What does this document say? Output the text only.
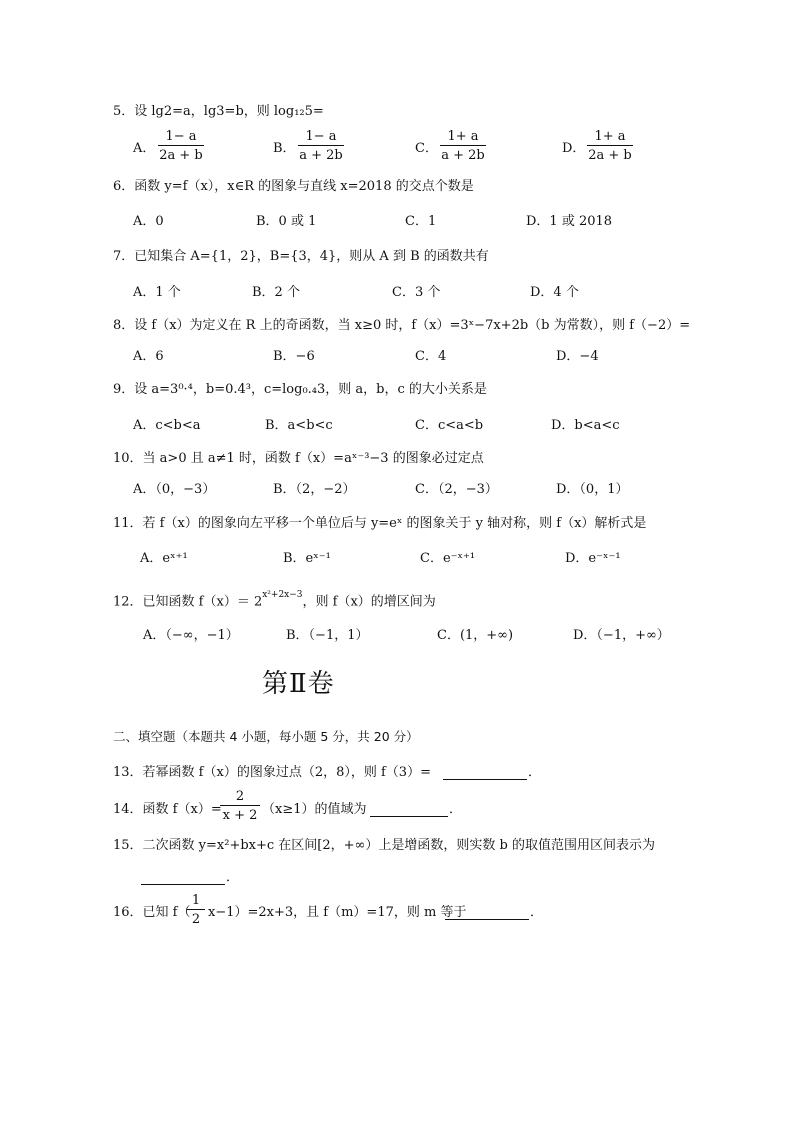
5．设 lg2=a，lg3=b，则 log₁₂5=
A． $\frac{1- a}{2a + b}$	B． $\frac{1- a}{a + 2b}$	C． $\frac{1+ a}{a + 2b}$	D． $\frac{1+ a}{2a + b}$
6．函数 y=f（x），x∈R 的图象与直线 x=2018 的交点个数是
A．0	B．0 或 1	C．1	D．1 或 2018
7．已知集合 A={1，2}，B={3，4}，则从 A 到 B 的函数共有
A．1 个	B．2 个	C．3 个	D．4 个
8．设 f（x）为定义在 R 上的奇函数，当 x≥0 时，f（x）=3ˣ−7x+2b（b 为常数），则 f（−2）=
A．6	B．−6	C．4	D．−4
9．设 a=3⁰·⁴，b=0.4³，c=log₀.₄3，则 a，b，c 的大小关系是
A．c<b<a	B．a<b<c	C．c<a<b	D．b<a<c
10．当 a>0 且 a≠1 时，函数 f（x）=aˣ⁻³−3 的图象必过定点
A．（0，−3）	B．（2，−2）	C．（2，−3）	D．（0，1）
11．若 f（x）的图象向左平移一个单位后与 y=eˣ 的图象关于 y 轴对称，则 f（x）解析式是
A．eˣ⁺¹	B．eˣ⁻¹	C．e⁻ˣ⁺¹	D．e⁻ˣ⁻¹
12．已知函数 $f(x)= 2^{x^2+2x-3}$，则 f（x）的增区间为
A．（−∞，−1）	B．（−1，1）	C．(1，+∞)	D．（−1，+∞）
第Ⅱ卷
二、填空题（本题共 4 小题，每小题 5 分，共 20 分）
13．若幂函数 f（x）的图象过点（2，8），则 f（3）=	．
14．函数 f（x）=
$\frac{2}{x + 2} (x\ge 1)$的值域为	．
15．二次函数 y=x²+bx+c 在区间[2，+∞）上是增函数，则实数 b 的取值范围用区间表示为
．
16．已知 f（
$\frac{1}{2} x-1)=2x+3$，且 f（m）=17，则 m 等于	．
